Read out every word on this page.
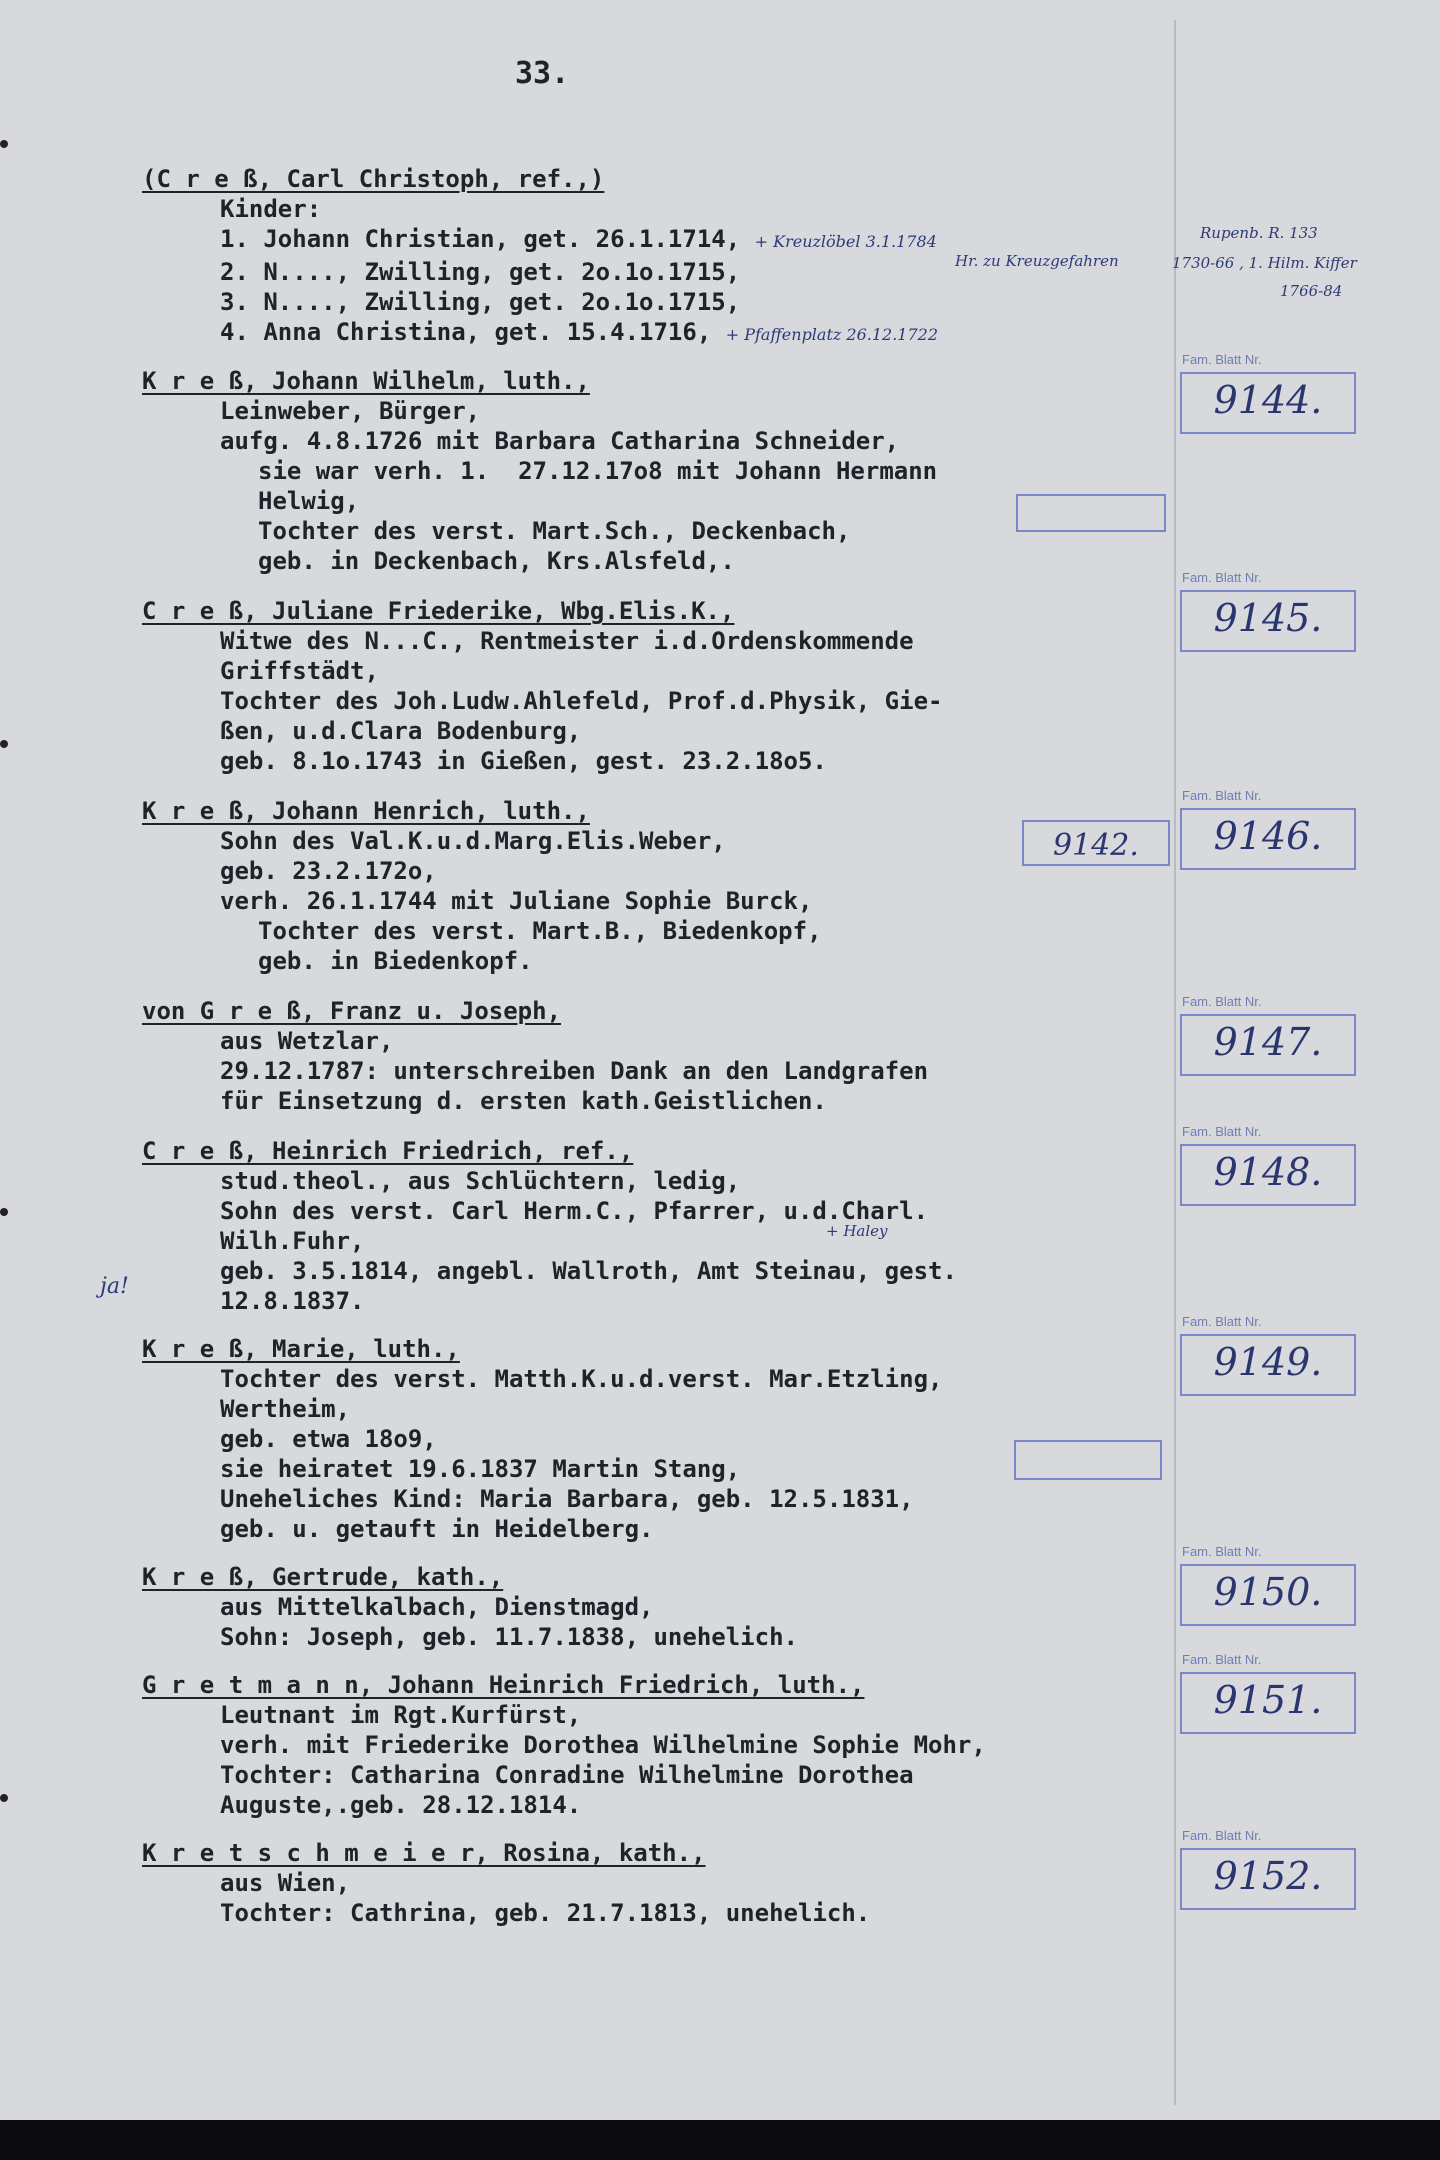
33.
(C r e ß, Carl Christoph, ref.,)
Kinder:
1. Johann Christian, get. 26.1.1714, + Kreuzlöbel 3.1.1784
2. N...., Zwilling, get. 2o.1o.1715,
3. N...., Zwilling, get. 2o.1o.1715,
4. Anna Christina, get. 15.4.1716, + Pfaffenplatz 26.12.1722
Hr. zu Kreuzgefahren
Rupenb. R. 133
1730-66 , 1. Hilm. Kiffer
1766-84
K r e ß, Johann Wilhelm, luth.,
Leinweber, Bürger,
aufg. 4.8.1726 mit Barbara Catharina Schneider,
sie war verh. 1.  27.12.17o8 mit Johann Hermann
Helwig,
Tochter des verst. Mart.Sch., Deckenbach,
geb. in Deckenbach, Krs.Alsfeld,.
Fam. Blatt Nr.
9144.
C r e ß, Juliane Friederike, Wbg.Elis.K.,
Witwe des N...C., Rentmeister i.d.Ordenskommende
Griffstädt,
Tochter des Joh.Ludw.Ahlefeld, Prof.d.Physik, Gie-
ßen, u.d.Clara Bodenburg,
geb. 8.1o.1743 in Gießen, gest. 23.2.18o5.
Fam. Blatt Nr.
9145.
K r e ß, Johann Henrich, luth.,
Sohn des Val.K.u.d.Marg.Elis.Weber,
geb. 23.2.172o,
verh. 26.1.1744 mit Juliane Sophie Burck,
Tochter des verst. Mart.B., Biedenkopf,
geb. in Biedenkopf.
9142.
Fam. Blatt Nr.
9146.
von G r e ß, Franz u. Joseph,
aus Wetzlar,
29.12.1787: unterschreiben Dank an den Landgrafen
für Einsetzung d. ersten kath.Geistlichen.
Fam. Blatt Nr.
9147.
C r e ß, Heinrich Friedrich, ref.,
stud.theol., aus Schlüchtern, ledig,
Sohn des verst. Carl Herm.C., Pfarrer, u.d.Charl.
Wilh.Fuhr,
geb. 3.5.1814, angebl. Wallroth, Amt Steinau, gest.
12.8.1837.
+ Haley
ja!
Fam. Blatt Nr.
9148.
K r e ß, Marie, luth.,
Tochter des verst. Matth.K.u.d.verst. Mar.Etzling,
Wertheim,
geb. etwa 18o9,
sie heiratet 19.6.1837 Martin Stang,
Uneheliches Kind: Maria Barbara, geb. 12.5.1831,
geb. u. getauft in Heidelberg.
Fam. Blatt Nr.
9149.
K r e ß, Gertrude, kath.,
aus Mittelkalbach, Dienstmagd,
Sohn: Joseph, geb. 11.7.1838, unehelich.
Fam. Blatt Nr.
9150.
G r e t m a n n, Johann Heinrich Friedrich, luth.,
Leutnant im Rgt.Kurfürst,
verh. mit Friederike Dorothea Wilhelmine Sophie Mohr,
Tochter: Catharina Conradine Wilhelmine Dorothea
Auguste,.geb. 28.12.1814.
Fam. Blatt Nr.
9151.
K r e t s c h m e i e r, Rosina, kath.,
aus Wien,
Tochter: Cathrina, geb. 21.7.1813, unehelich.
Fam. Blatt Nr.
9152.
